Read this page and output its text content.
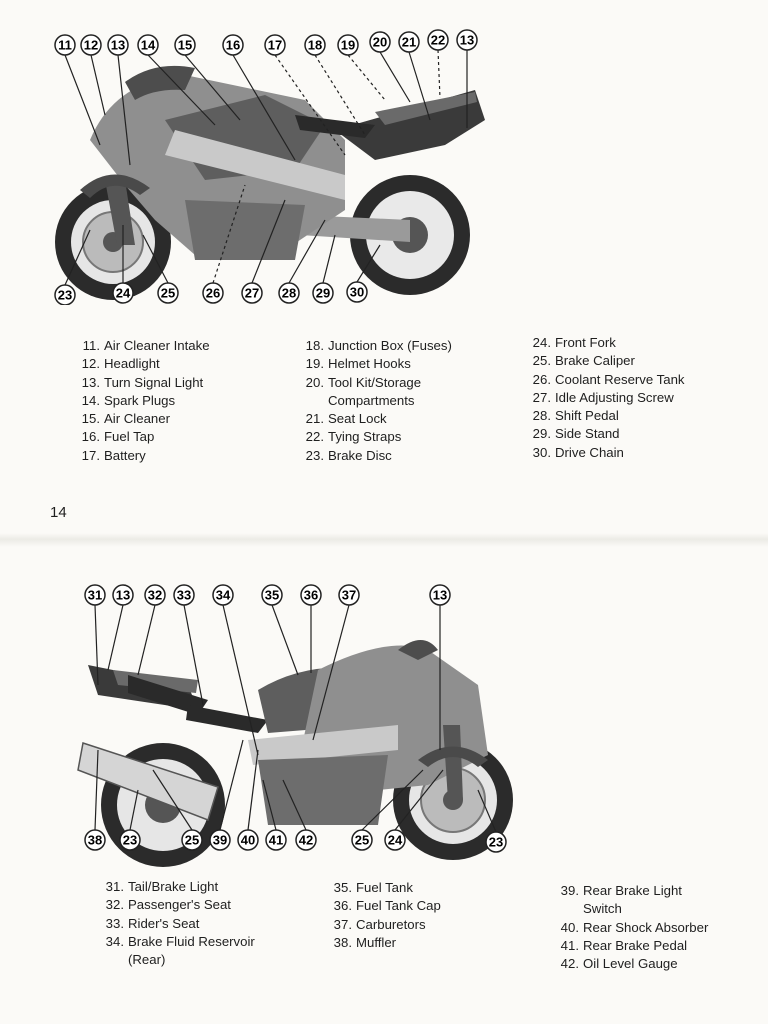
11 12 13 14 15	16 17 18 19 20 21 22 13
23	24 25 26 27 28 29 30
11. Air Cleaner Intake
12. Headlight
13. Turn Signal Light
14. Spark Plugs
15. Air Cleaner
16. Fuel Tap
17. Battery
18. Junction Box (Fuses)
19. Helmet Hooks
20. Tool Kit/Storage
Compartments
21. Seat Lock
22. Tying Straps
23. Brake Disc
24. Front Fork
25. Brake Caliper
26. Coolant Reserve Tank
27. Idle Adjusting Screw
28. Shift Pedal
29. Side Stand
30. Drive Chain
14
31 13 32 33 34	35 36 37	13
38 23	25 39 40 41 42	25 24	23
31. Tail/Brake Light
32. Passenger's Seat
33. Rider's Seat
34. Brake Fluid Reservoir
(Rear)
35. Fuel Tank
36. Fuel Tank Cap
37. Carburetors
38. Muffler
39. Rear Brake Light
Switch
40. Rear Shock Absorber
41. Rear Brake Pedal
42. Oil Level Gauge
